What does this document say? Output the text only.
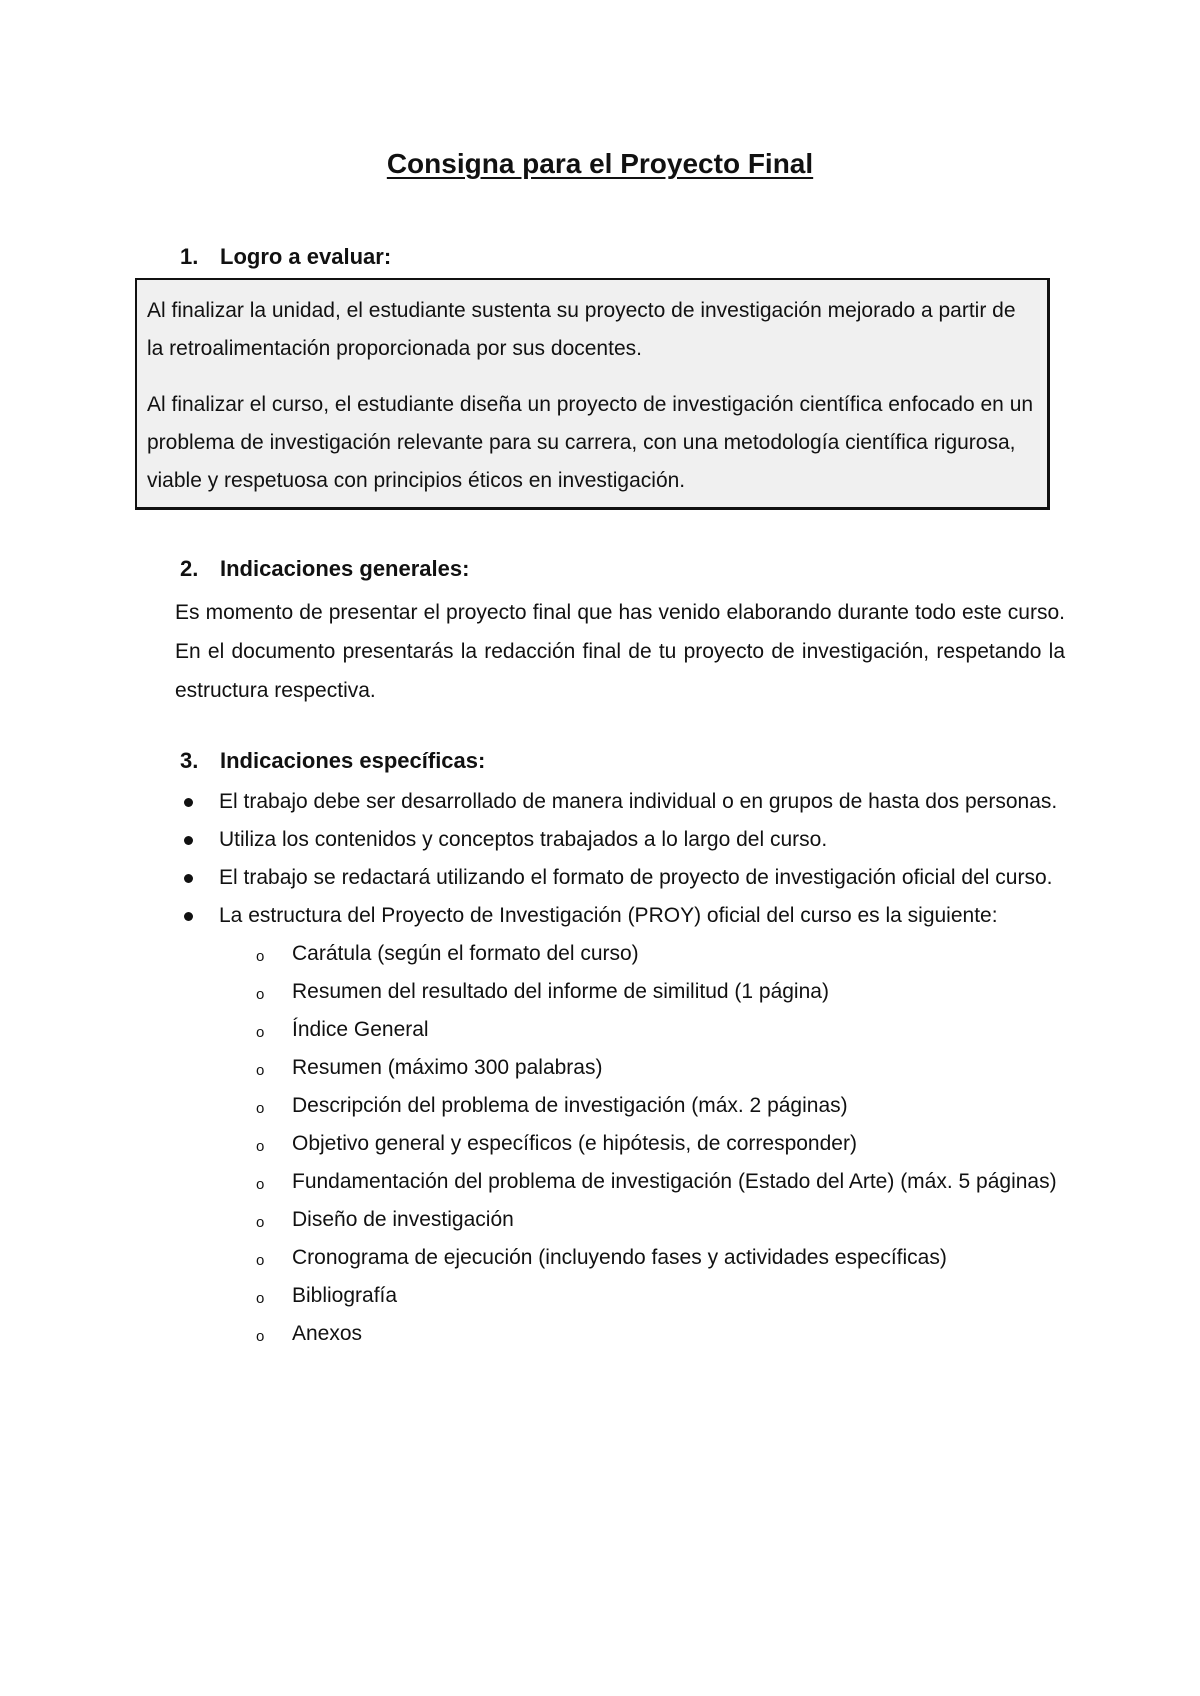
Consigna para el Proyecto Final
1. Logro a evaluar:

Al finalizar la unidad, el estudiante sustenta su proyecto de investigación mejorado a partir de la retroalimentación proporcionada por sus docentes.

Al finalizar el curso, el estudiante diseña un proyecto de investigación científica enfocado en un problema de investigación relevante para su carrera, con una metodología científica rigurosa, viable y respetuosa con principios éticos en investigación.

2. Indicaciones generales:

Es momento de presentar el proyecto final que has venido elaborando durante todo este curso. En el documento presentarás la redacción final de tu proyecto de investigación, respetando la estructura respectiva.

3. Indicaciones específicas:
El trabajo debe ser desarrollado de manera individual o en grupos de hasta dos personas.
Utiliza los contenidos y conceptos trabajados a lo largo del curso.
El trabajo se redactará utilizando el formato de proyecto de investigación oficial del curso.
La estructura del Proyecto de Investigación (PROY) oficial del curso es la siguiente:
o Carátula (según el formato del curso)
o Resumen del resultado del informe de similitud (1 página)
o Índice General
o Resumen (máximo 300 palabras)
o Descripción del problema de investigación (máx. 2 páginas)
o Objetivo general y específicos (e hipótesis, de corresponder)
o Fundamentación del problema de investigación (Estado del Arte) (máx. 5 páginas)
o Diseño de investigación
o Cronograma de ejecución (incluyendo fases y actividades específicas)
o Bibliografía
o Anexos
